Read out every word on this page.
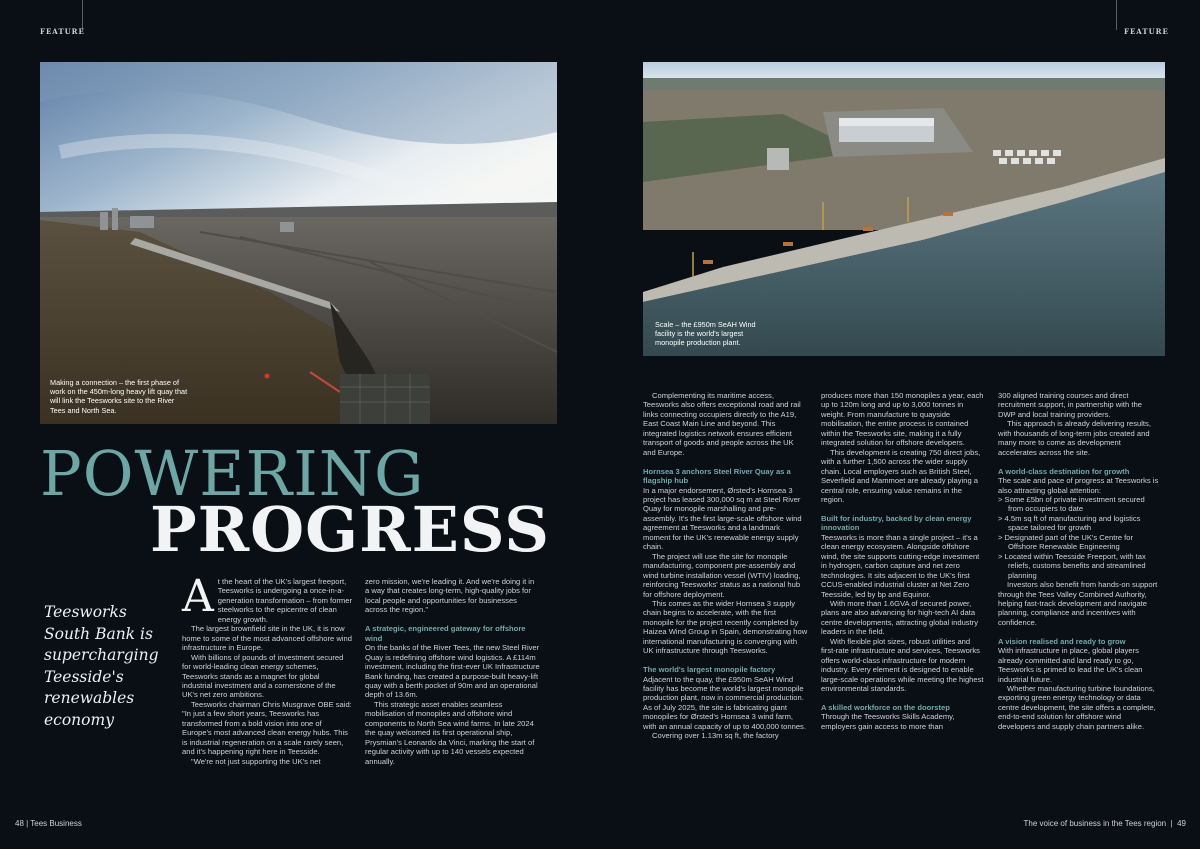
FEATURE	FEATURE
Making a connection – the first phase of work on the 450m-long heavy lift quay that will link the Teesworks site to the River Tees and North Sea.
Scale – the £950m SeAH Wind facility is the world's largest monopile production plant.
POWERING
PROGRESS
Teesworks South Bank is supercharging Teesside's renewables economy

At the heart of the UK's largest freeport, Teesworks is undergoing a once-in-a-generation transformation – from former steelworks to the epicentre of clean energy growth.

The largest brownfield site in the UK, it is now home to some of the most advanced offshore wind infrastructure in Europe.

With billions of pounds of investment secured for world-leading clean energy schemes, Teesworks stands as a magnet for global industrial investment and a cornerstone of the UK's net zero ambitions.

Teesworks chairman Chris Musgrave OBE said: "In just a few short years, Teesworks has transformed from a bold vision into one of Europe's most advanced clean energy hubs. This is industrial regeneration on a scale rarely seen, and it's happening right here in Teesside.

"We're not just supporting the UK's net

zero mission, we're leading it. And we're doing it in a way that creates long-term, high-quality jobs for local people and opportunities for businesses across the region."

A strategic, engineered gateway for offshore wind

On the banks of the River Tees, the new Steel River Quay is redefining offshore wind logistics. A £114m investment, including the first-ever UK Infrastructure Bank funding, has created a purpose-built heavy-lift quay with a berth pocket of 90m and an operational depth of 13.6m.

This strategic asset enables seamless mobilisation of monopiles and offshore wind components to North Sea wind farms. In late 2024 the quay welcomed its first operational ship, Prysmian's Leonardo da Vinci, marking the start of regular activity with up to 140 vessels expected annually.

Complementing its maritime access, Teesworks also offers exceptional road and rail links connecting occupiers directly to the A19, East Coast Main Line and beyond. This integrated logistics network ensures efficient transport of goods and people across the UK and Europe.

Hornsea 3 anchors Steel River Quay as a flagship hub

In a major endorsement, Ørsted's Hornsea 3 project has leased 300,000 sq m at Steel River Quay for monopile marshalling and pre-assembly. It's the first large-scale offshore wind agreement at Teesworks and a landmark moment for the UK's renewable energy supply chain.

The project will use the site for monopile manufacturing, component pre-assembly and wind turbine installation vessel (WTIV) loading, reinforcing Teesworks' status as a national hub for offshore deployment.

This comes as the wider Hornsea 3 supply chain begins to accelerate, with the first monopile for the project recently completed by Haizea Wind Group in Spain, demonstrating how international manufacturing is converging with UK infrastructure through Teesworks.

The world's largest monopile factory

Adjacent to the quay, the £950m SeAH Wind facility has become the world's largest monopile production plant, now in commercial production. As of July 2025, the site is fabricating giant monopiles for Ørsted's Hornsea 3 wind farm, with an annual capacity of up to 400,000 tonnes.

Covering over 1.13m sq ft, the factory

produces more than 150 monopiles a year, each up to 120m long and up to 3,000 tonnes in weight. From manufacture to quayside mobilisation, the entire process is contained within the Teesworks site, making it a fully integrated solution for offshore developers.

This development is creating 750 direct jobs, with a further 1,500 across the wider supply chain. Local employers such as British Steel, Severfield and Mammoet are already playing a central role, ensuring value remains in the region.

Built for industry, backed by clean energy innovation

Teesworks is more than a single project – it's a clean energy ecosystem. Alongside offshore wind, the site supports cutting-edge investment in hydrogen, carbon capture and net zero technologies. It sits adjacent to the UK's first CCUS-enabled industrial cluster at Net Zero Teesside, led by bp and Equinor.

With more than 1.6GVA of secured power, plans are also advancing for high-tech AI data centre developments, attracting global industry leaders in the field.

With flexible plot sizes, robust utilities and first-rate infrastructure and services, Teesworks offers world-class infrastructure for modern industry. Every element is designed to enable large-scale operations while meeting the highest environmental standards.

A skilled workforce on the doorstep

Through the Teesworks Skills Academy, employers gain access to more than

300 aligned training courses and direct recruitment support, in partnership with the DWP and local training providers.

This approach is already delivering results, with thousands of long-term jobs created and many more to come as development accelerates across the site.

A world-class destination for growth

The scale and pace of progress at Teesworks is also attracting global attention:

> Some £5bn of private investment secured from occupiers to date
> 4.5m sq ft of manufacturing and logistics space tailored for growth
> Designated part of the UK's Centre for Offshore Renewable Engineering
> Located within Teesside Freeport, with tax reliefs, customs benefits and streamlined planning

Investors also benefit from hands-on support through the Tees Valley Combined Authority, helping fast-track development and navigate planning, compliance and incentives with confidence.

A vision realised and ready to grow

With infrastructure in place, global players already committed and land ready to go, Teesworks is primed to lead the UK's clean industrial future.

Whether manufacturing turbine foundations, exporting green energy technology or data centre development, the site offers a complete, end-to-end solution for offshore wind developers and supply chain partners alike.

48 | Tees Business	The voice of business in the Tees region  |  49
